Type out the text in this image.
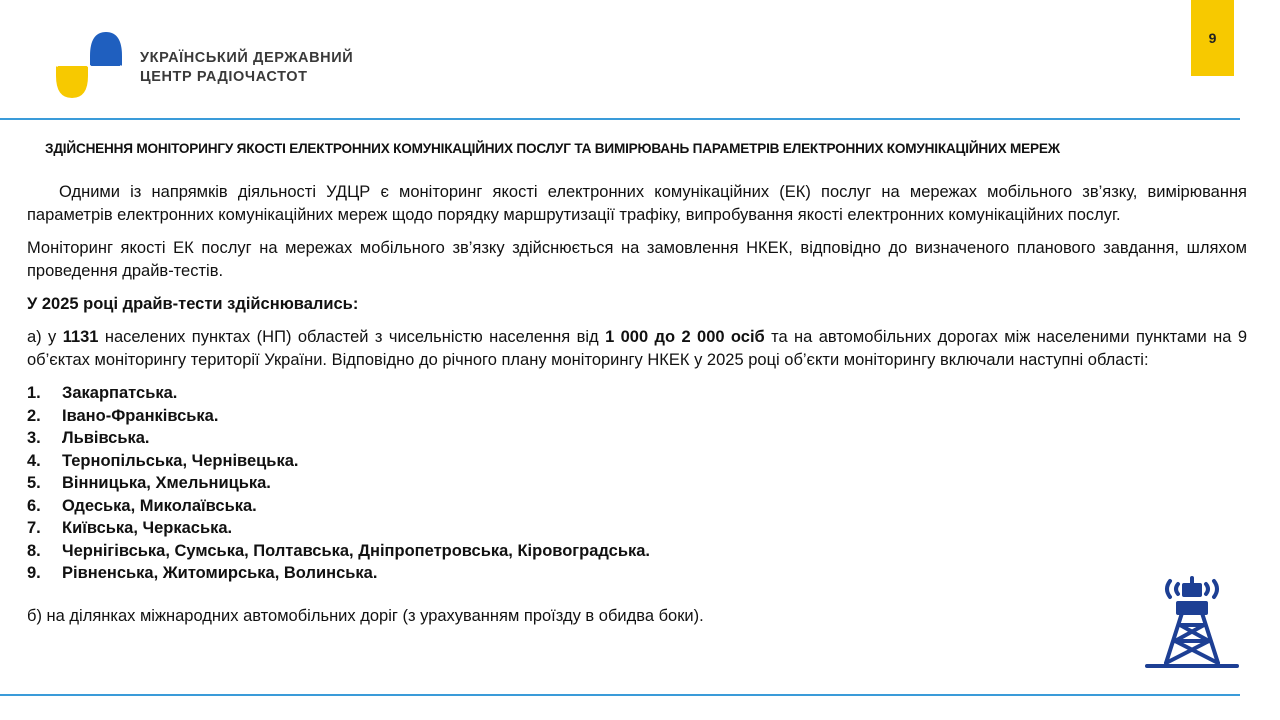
УКРАЇНСЬКИЙ ДЕРЖАВНИЙ
ЦЕНТР РАДІОЧАСТОТ
9
ЗДІЙСНЕННЯ МОНІТОРИНГУ ЯКОСТІ ЕЛЕКТРОННИХ КОМУНІКАЦІЙНИХ ПОСЛУГ ТА ВИМІРЮВАНЬ ПАРАМЕТРІВ ЕЛЕКТРОННИХ КОМУНІКАЦІЙНИХ МЕРЕЖ

Одними із напрямків діяльності УДЦР є моніторинг якості електронних комунікаційних (ЕК) послуг на мережах мобільного зв’язку, вимірювання параметрів електронних комунікаційних мереж щодо порядку маршрутизації трафіку, випробування якості електронних комунікаційних послуг.

Моніторинг якості ЕК послуг на мережах мобільного зв’язку здійснюється на замовлення НКЕК, відповідно до визначеного планового завдання, шляхом проведення драйв-тестів.

У 2025 році драйв-тести здійснювались:

а) у 1131 населених пунктах (НП) областей з чисельністю населення від 1 000 до 2 000 осіб та на автомобільних дорогах між населеними пунктами на 9 об’єктах моніторингу території України. Відповідно до річного плану моніторингу НКЕК у 2025 році об’єкти моніторингу включали наступні області:

1.	Закарпатська.
2.	Івано-Франківська.
3.	Львівська.
4.	Тернопільська, Чернівецька.
5.	Вінницька, Хмельницька.
6.	Одеська, Миколаївська.
7.	Київська, Черкаська.
8.	Чернігівська, Сумська, Полтавська, Дніпропетровська, Кіровоградська.
9.	Рівненська, Житомирська, Волинська.

б) на ділянках міжнародних автомобільних доріг (з урахуванням проїзду в обидва боки).
